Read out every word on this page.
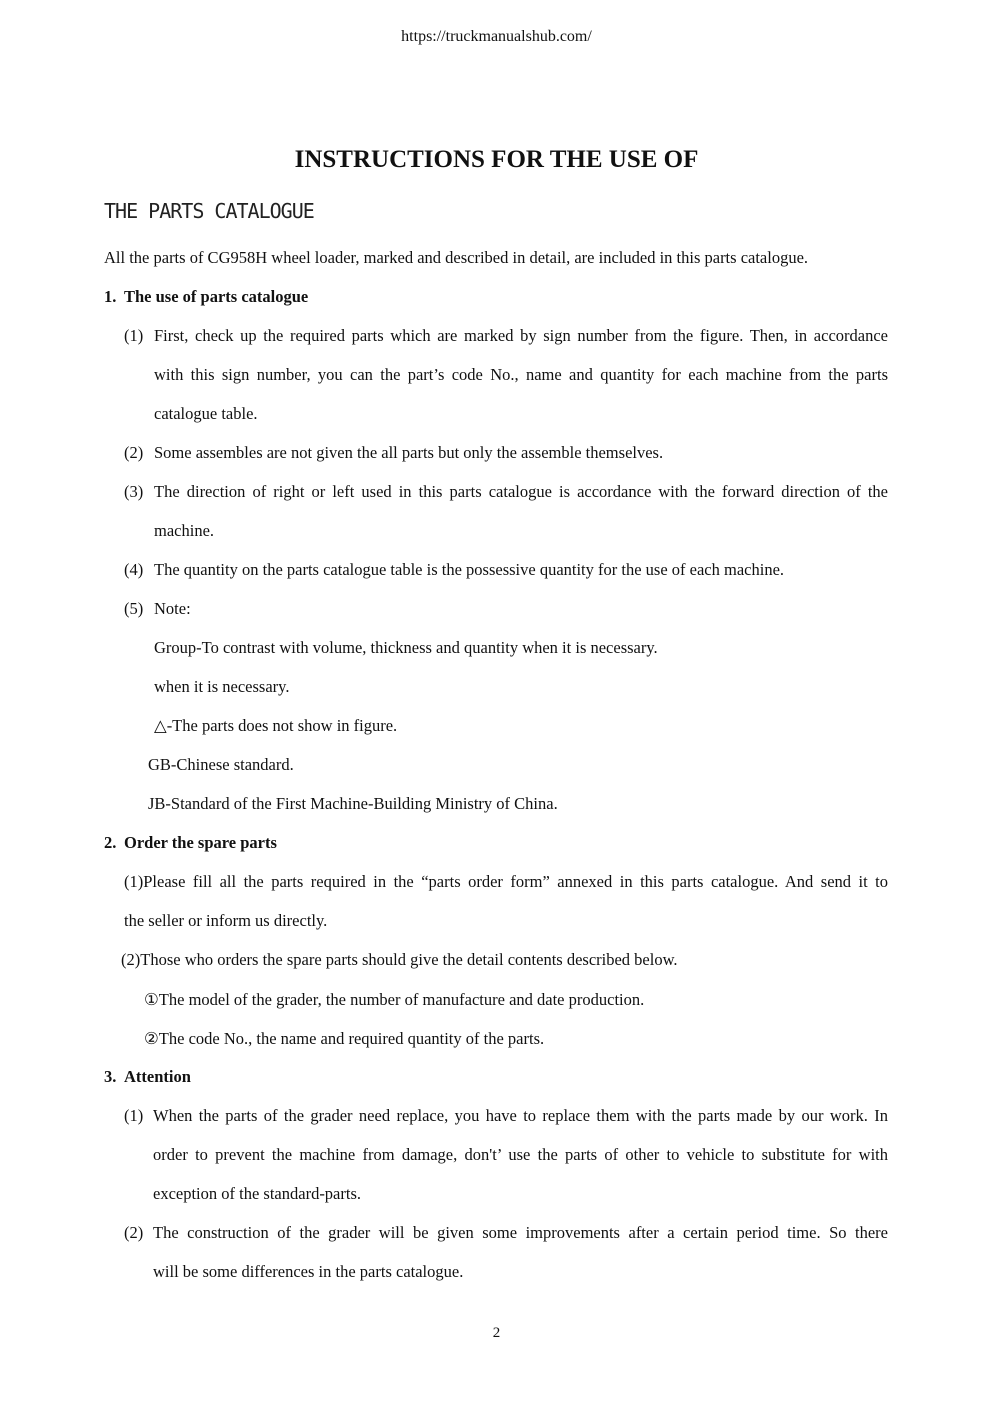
https://truckmanualshub.com/
INSTRUCTIONS FOR THE USE OF
THE PARTS CATALOGUE
All the parts of CG958H wheel loader, marked and described in detail, are included in this parts catalogue.
1. The use of parts catalogue
(1) First, check up the required parts which are marked by sign number from the figure. Then, in accordance
with this sign number, you can the part’s code No., name and quantity for each machine from the parts
catalogue table.
(2) Some assembles are not given the all parts but only the assemble themselves.
(3) The direction of right or left used in this parts catalogue is accordance with the forward direction of the
machine.
(4) The quantity on the parts catalogue table is the possessive quantity for the use of each machine.
(5) Note:
Group-To contrast with volume, thickness and quantity when it is necessary.
when it is necessary.
△-The parts does not show in figure.
GB-Chinese standard.
JB-Standard of the First Machine-Building Ministry of China.
2. Order the spare parts
(1)Please fill all the parts required in the “parts order form” annexed in this parts catalogue. And send it to
the seller or inform us directly.
(2)Those who orders the spare parts should give the detail contents described below.
①The model of the grader, the number of manufacture and date production.
②The code No., the name and required quantity of the parts.
3. Attention
(1) When the parts of the grader need replace, you have to replace them with the parts made by our work. In
order to prevent the machine from damage, don't’ use the parts of other to vehicle to substitute for with
exception of the standard-parts.
(2) The construction of the grader will be given some improvements after a certain period time. So there
will be some differences in the parts catalogue.
2
